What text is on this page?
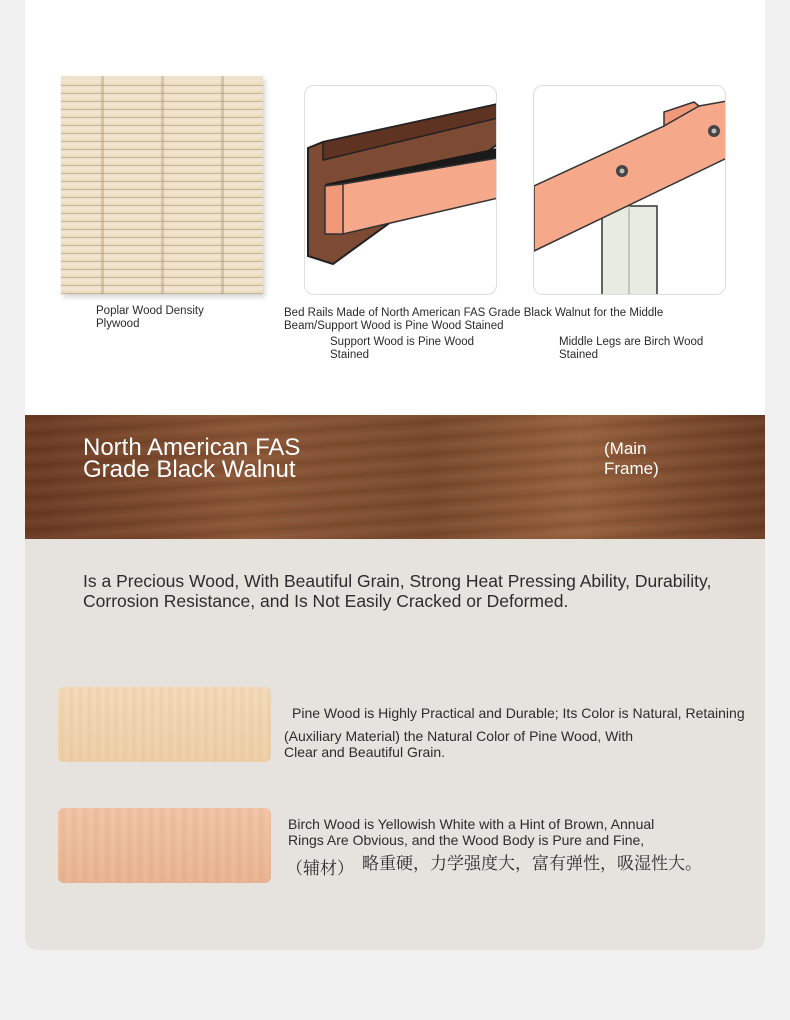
Poplar Wood Density Plywood
Bed Rails Made of North American FAS Grade Black Walnut for the Middle Beam/Support Wood is Pine Wood Stained
Support Wood is Pine Wood Stained
Middle Legs are Birch Wood Stained
North American FAS Grade Black Walnut
(Main Frame)
Is a Precious Wood, With Beautiful Grain, Strong Heat Pressing Ability, Durability, Corrosion Resistance, and Is Not Easily Cracked or Deformed.
Pine Wood is Highly Practical and Durable; Its Color is Natural, Retaining
(Auxiliary Material) the Natural Color of Pine Wood, With Clear and Beautiful Grain.
Birch Wood is Yellowish White with a Hint of Brown, Annual Rings Are Obvious, and the Wood Body is Pure and Fine,
（辅材） 略重硬，力学强度大，富有弹性，吸湿性大。
